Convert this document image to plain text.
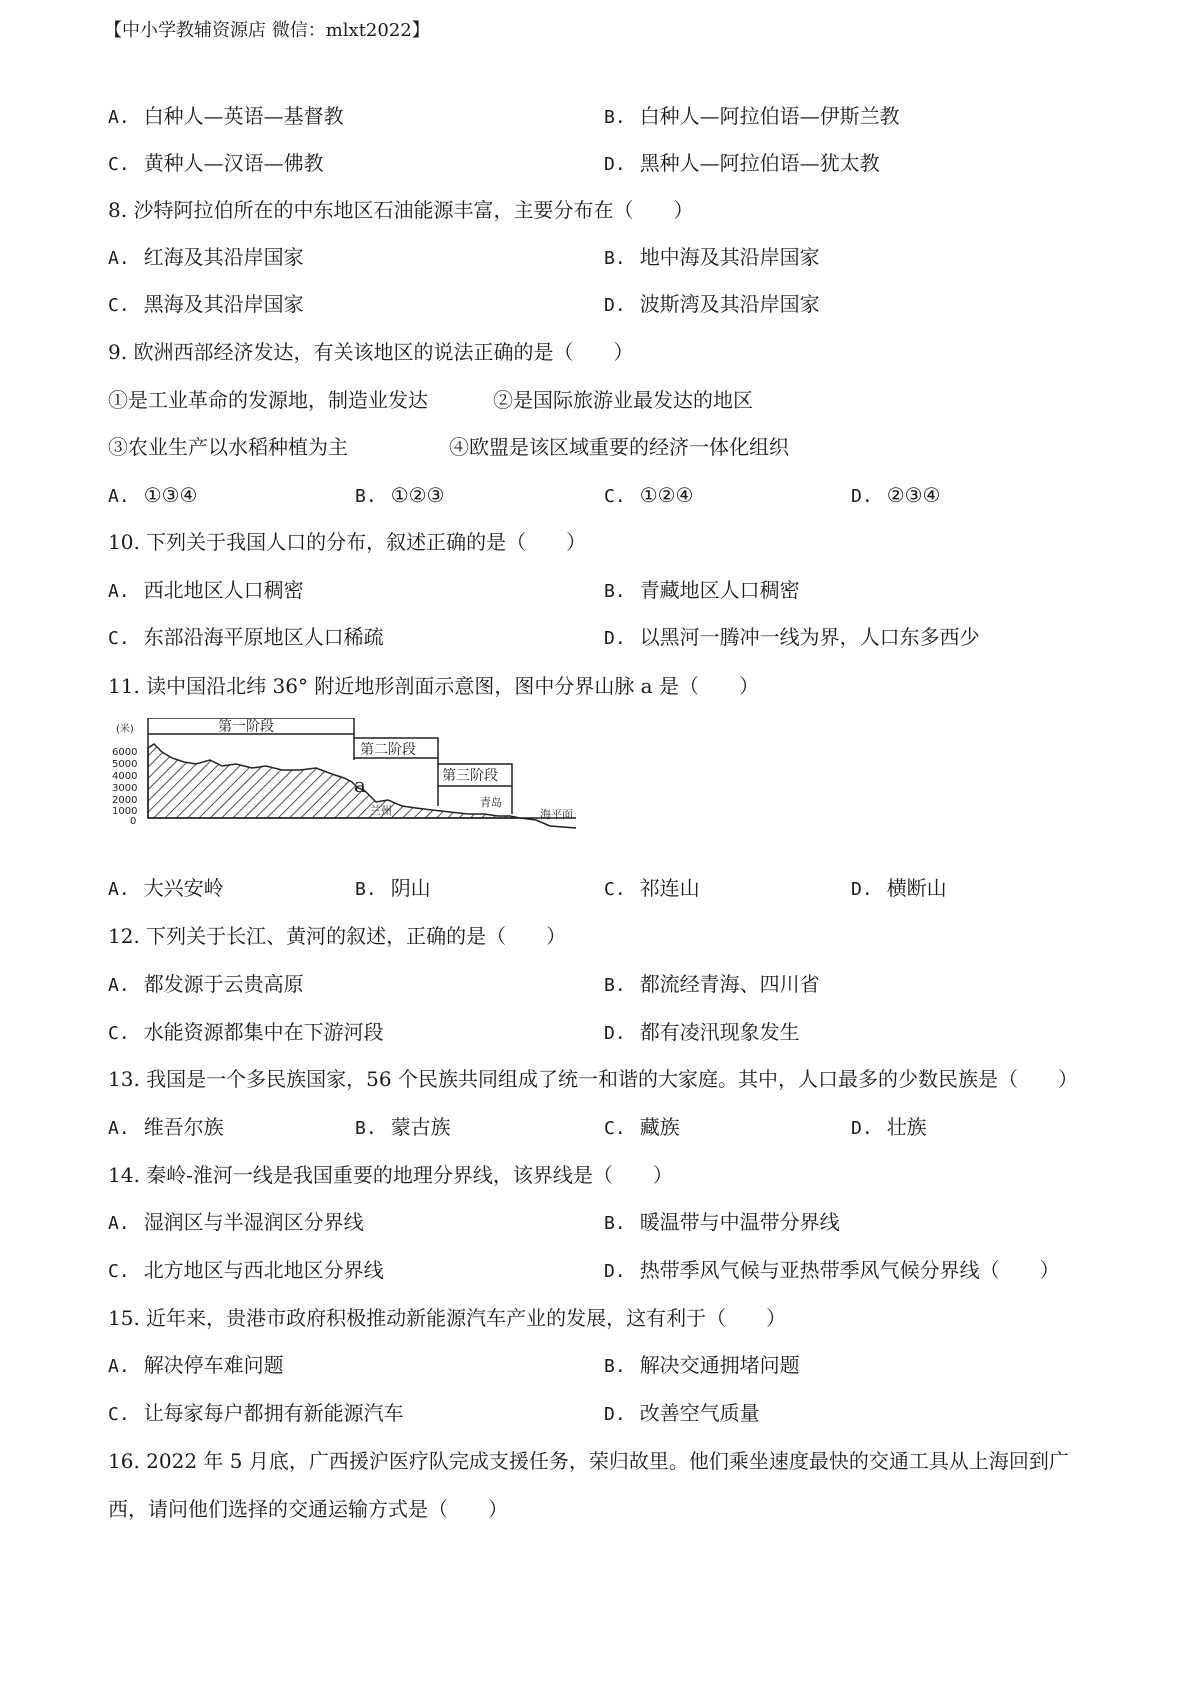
【中小学教辅资源店 微信：mlxt2022】
A. 白种人—英语—基督教	B. 白种人—阿拉伯语—伊斯兰教
C. 黄种人—汉语—佛教	D. 黑种人—阿拉伯语—犹太教
8. 沙特阿拉伯所在的中东地区石油能源丰富，主要分布在（　　）
A. 红海及其沿岸国家	B. 地中海及其沿岸国家
C. 黑海及其沿岸国家	D. 波斯湾及其沿岸国家
9. 欧洲西部经济发达，有关该地区的说法正确的是（　　）
①是工业革命的发源地，制造业发达	②是国际旅游业最发达的地区
③农业生产以水稻种植为主	④欧盟是该区域重要的经济一体化组织
A. ①③④	B. ①②③	C. ①②④	D. ②③④
10. 下列关于我国人口的分布，叙述正确的是（　　）
A. 西北地区人口稠密	B. 青藏地区人口稠密
C. 东部沿海平原地区人口稀疏	D. 以黑河一腾冲一线为界，人口东多西少
11. 读中国沿北纬 36° 附近地形剖面示意图，图中分界山脉 a 是（　　）
(米)
6000
5000
4000
3000
2000
1000
0
第一阶段
第二阶段
第三阶段
a
兰州
青岛
海平面
A. 大兴安岭	B. 阴山	C. 祁连山	D. 横断山
12. 下列关于长江、黄河的叙述，正确的是（　　）
A. 都发源于云贵高原	B. 都流经青海、四川省
C. 水能资源都集中在下游河段	D. 都有凌汛现象发生
13. 我国是一个多民族国家，56 个民族共同组成了统一和谐的大家庭。其中，人口最多的少数民族是（　　）
A. 维吾尔族	B. 蒙古族	C. 藏族	D. 壮族
14. 秦岭-淮河一线是我国重要的地理分界线，该界线是（　　）
A. 湿润区与半湿润区分界线	B. 暖温带与中温带分界线
C. 北方地区与西北地区分界线	D. 热带季风气候与亚热带季风气候分界线（　　）
15. 近年来，贵港市政府积极推动新能源汽车产业的发展，这有利于（　　）
A. 解决停车难问题	B. 解决交通拥堵问题
C. 让每家每户都拥有新能源汽车	D. 改善空气质量
16. 2022 年 5 月底，广西援沪医疗队完成支援任务，荣归故里。他们乘坐速度最快的交通工具从上海回到广
西，请问他们选择的交通运输方式是（　　）
